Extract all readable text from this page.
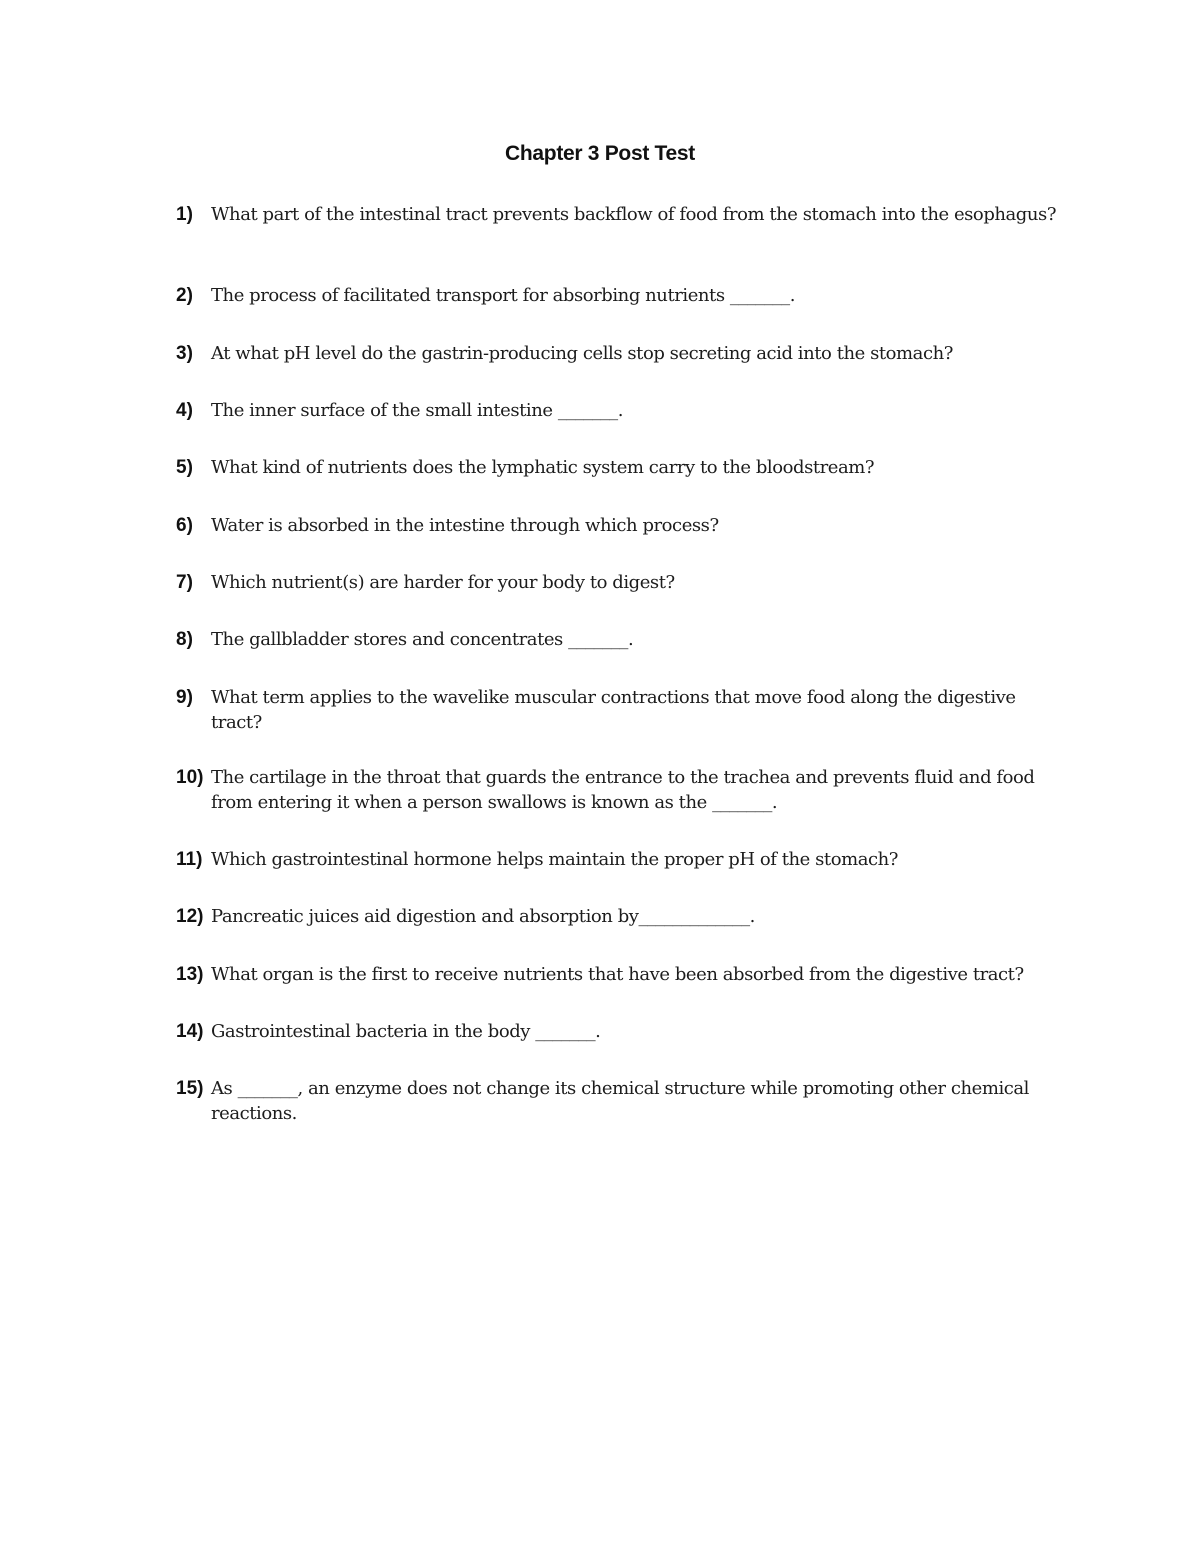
Chapter 3 Post Test
1)	What part of the intestinal tract prevents backflow of food from the stomach into the esophagus?
2)	The process of facilitated transport for absorbing nutrients _______.
3)	At what pH level do the gastrin-producing cells stop secreting acid into the stomach?
4)	The inner surface of the small intestine _______.
5)	What kind of nutrients does the lymphatic system carry to the bloodstream?
6)	Water is absorbed in the intestine through which process?
7)	Which nutrient(s) are harder for your body to digest?
8)	The gallbladder stores and concentrates _______.
9)	What term applies to the wavelike muscular contractions that move food along the digestive tract?
10) The cartilage in the throat that guards the entrance to the trachea and prevents fluid and food from entering it when a person swallows is known as the _______.
11) Which gastrointestinal hormone helps maintain the proper pH of the stomach?
12) Pancreatic juices aid digestion and absorption by_____________.
13) What organ is the first to receive nutrients that have been absorbed from the digestive tract?
14) Gastrointestinal bacteria in the body _______.
15) As _______, an enzyme does not change its chemical structure while promoting other chemical reactions.
